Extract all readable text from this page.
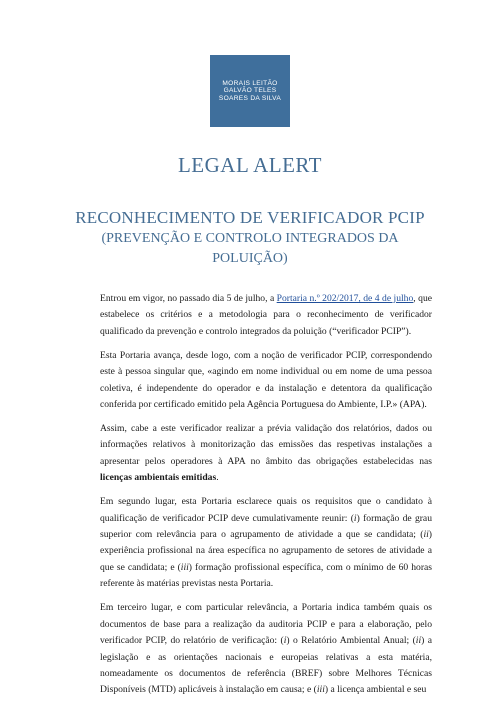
MORAIS LEITÃO
GALVÃO TELES
SOARES DA SILVA
LEGAL ALERT
RECONHECIMENTO DE VERIFICADOR PCIP
(PREVENÇÃO E CONTROLO INTEGRADOS DA POLUIÇÃO)

Entrou em vigor, no passado dia 5 de julho, a Portaria n.º 202/2017, de 4 de julho, que estabelece os critérios e a metodologia para o reconhecimento de verificador qualificado da prevenção e controlo integrados da poluição (“verificador PCIP”).

Esta Portaria avança, desde logo, com a noção de verificador PCIP, correspondendo este à pessoa singular que, «agindo em nome individual ou em nome de uma pessoa coletiva, é independente do operador e da instalação e detentora da qualificação conferida por certificado emitido pela Agência Portuguesa do Ambiente, I.P.» (APA).

Assim, cabe a este verificador realizar a prévia validação dos relatórios, dados ou informações relativos à monitorização das emissões das respetivas instalações a apresentar pelos operadores à APA no âmbito das obrigações estabelecidas nas licenças ambientais emitidas.

Em segundo lugar, esta Portaria esclarece quais os requisitos que o candidato à qualificação de verificador PCIP deve cumulativamente reunir: (i) formação de grau superior com relevância para o agrupamento de atividade a que se candidata; (ii) experiência profissional na área específica no agrupamento de setores de atividade a que se candidata; e (iii) formação profissional específica, com o mínimo de 60 horas referente às matérias previstas nesta Portaria.

Em terceiro lugar, e com particular relevância, a Portaria indica também quais os documentos de base para a realização da auditoria PCIP e para a elaboração, pelo verificador PCIP, do relatório de verificação: (i) o Relatório Ambiental Anual; (ii) a legislação e as orientações nacionais e europeias relativas a esta matéria, nomeadamente os documentos de referência (BREF) sobre Melhores Técnicas Disponíveis (MTD) aplicáveis à instalação em causa; e (iii) a licença ambiental e seu
